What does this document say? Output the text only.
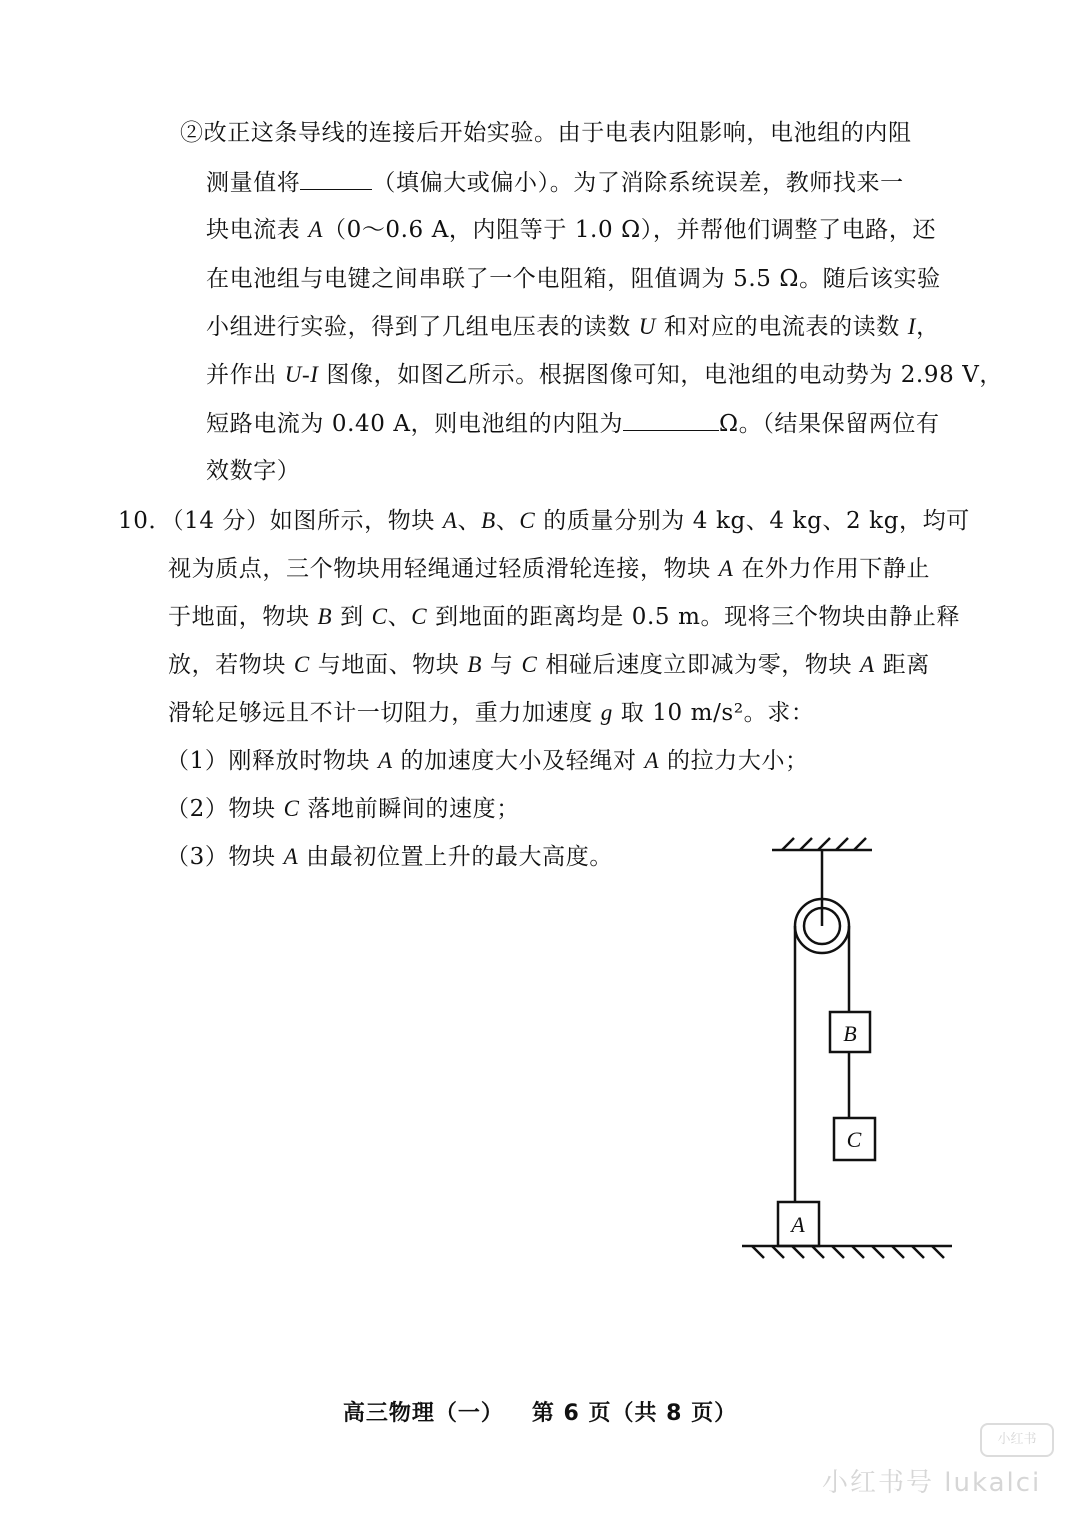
②改正这条导线的连接后开始实验。由于电表内阻影响，电池组的内阻
测量值将	（填偏大或偏小）。为了消除系统误差，教师找来一
块电流表 A（0～0.6 A，内阻等于 1.0 Ω），并帮他们调整了电路，还
在电池组与电键之间串联了一个电阻箱，阻值调为 5.5 Ω。随后该实验
小组进行实验，得到了几组电压表的读数 U 和对应的电流表的读数 I，
并作出 U-I 图像，如图乙所示。根据图像可知，电池组的电动势为 2.98 V，
短路电流为 0.40 A，则电池组的内阻为	Ω。（结果保留两位有
效数字）
10．（14 分）如图所示，物块 A、B、C 的质量分别为 4 kg、4 kg、2 kg，均可
视为质点，三个物块用轻绳通过轻质滑轮连接，物块 A 在外力作用下静止
于地面，物块 B 到 C、C 到地面的距离均是 0.5 m。现将三个物块由静止释
放，若物块 C 与地面、物块 B 与 C 相碰后速度立即减为零，物块 A 距离
滑轮足够远且不计一切阻力，重力加速度 g 取 10 m/s²。求：
（1）刚释放时物块 A 的加速度大小及轻绳对 A 的拉力大小；
（2）物块 C 落地前瞬间的速度；
（3）物块 A 由最初位置上升的最大高度。
B
C
A
高三物理（一） 第 6 页（共 8 页）
小红书
小红书号 lukalci
